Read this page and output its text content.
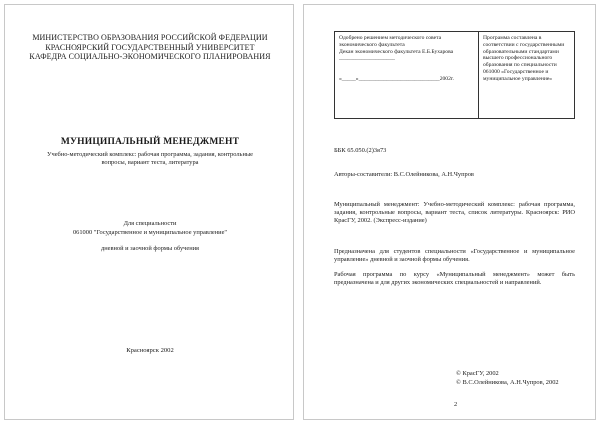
МИНИСТЕРСТВО ОБРАЗОВАНИЯ РОССИЙСКОЙ ФЕДЕРАЦИИ
КРАСНОЯРСКИЙ ГОСУДАРСТВЕННЫЙ УНИВЕРСИТЕТ
КАФЕДРА СОЦИАЛЬНО-ЭКОНОМИЧЕСКОГО ПЛАНИРОВАНИЯ
МУНИЦИПАЛЬНЫЙ МЕНЕДЖМЕНТ
Учебно-методический комплекс: рабочая программа, задания, контрольные вопросы, вариант теста, литература
Для специальности
061000 "Государственное и муниципальное управление"
дневной и заочной формы обучения
Красноярск 2002
Одобрено решением методического совета экономического факультета
Декан экономического факультета Е.Б.Бухарова ____________________
«_____»_____________________________2002г.
Программа составлена в соответствии с государственными образовательными стандартами высшего профессионального образования по специальности 061000 «Государственное и муниципальное управление»
ББК 65.050.(2)3я73
Авторы-составители: В.С.Олейникова, А.Н.Чупров
Муниципальный менеджмент: Учебно-методический комплекс: рабочая программа, задания, контрольные вопросы, вариант теста, список литературы. Красноярск: РИО КрасГУ, 2002. (Экспресс-издание)
Предназначена для студентов специальности «Государственное и муниципальное управление» дневной и заочной формы обучения.
Рабочая программа по курсу «Муниципальный менеджмент» может быть предназначена и для других экономических специальностей и направлений.
© КрасГУ, 2002
© В.С.Олейникова, А.Н.Чупров, 2002
2
